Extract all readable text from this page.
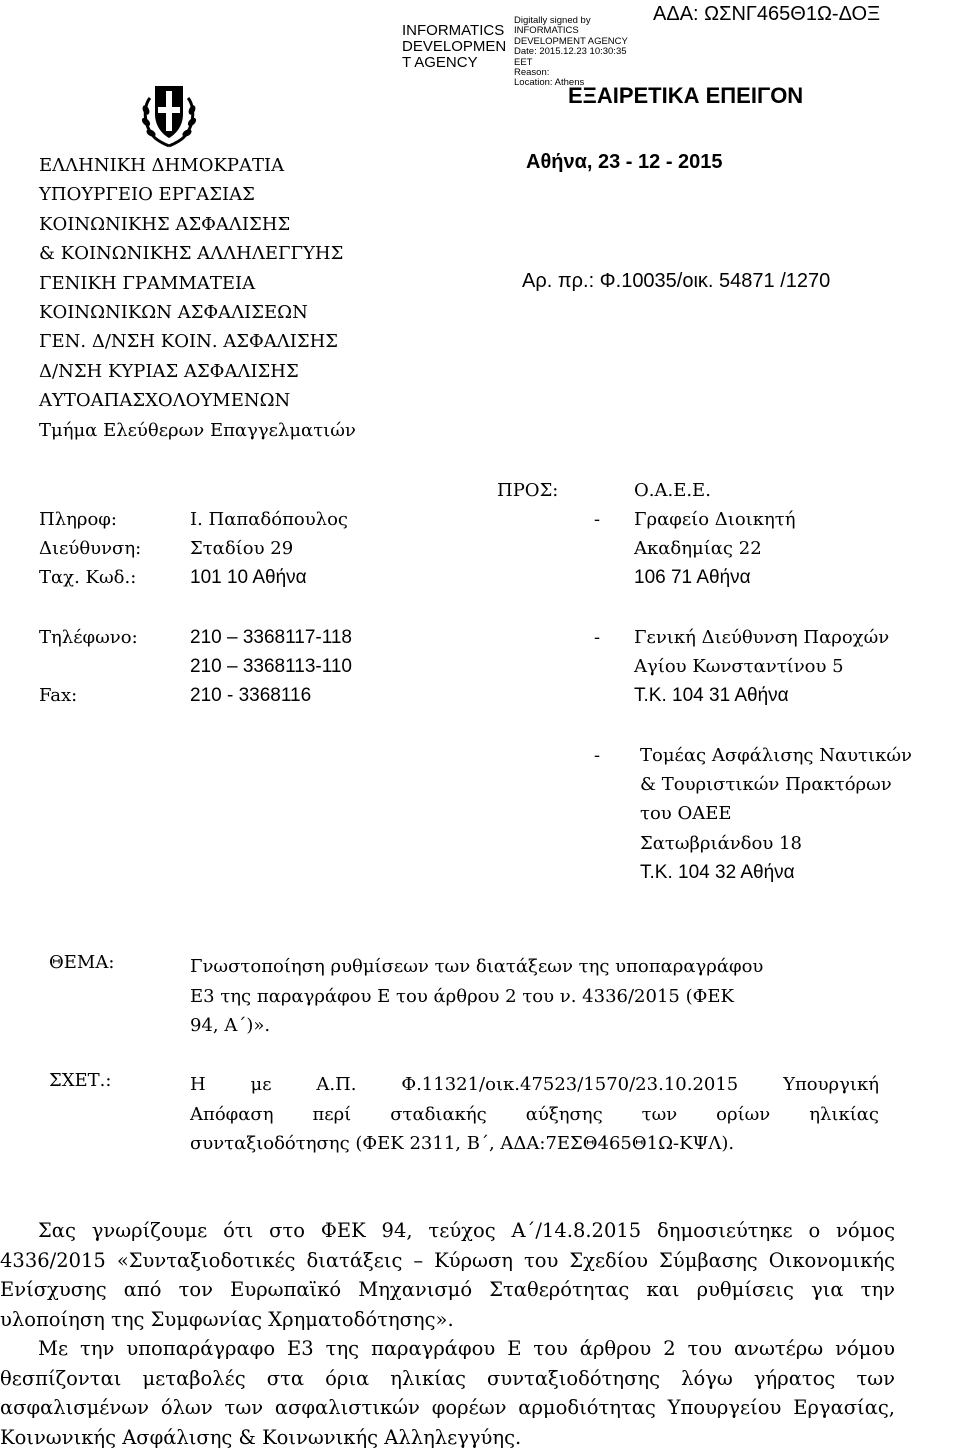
INFORMATICS
DEVELOPMEN
T AGENCY
Digitally signed by
INFORMATICS
DEVELOPMENT AGENCY
Date: 2015.12.23 10:30:35
EET
Reason:
Location: Athens
ΑΔΑ: ΩΣΝΓ465Θ1Ω-ΔΟΞ
ΕΞΑΙΡΕΤΙΚΑ ΕΠΕΙΓΟΝ
ΕΛΛΗΝΙΚΗ ΔΗΜΟΚΡΑΤΙΑ
ΥΠΟΥΡΓΕΙΟ ΕΡΓΑΣΙΑΣ
ΚΟΙΝΩΝΙΚΗΣ ΑΣΦΑΛΙΣΗΣ
& ΚΟΙΝΩΝΙΚΗΣ ΑΛΛΗΛΕΓΓΥΗΣ
ΓΕΝΙΚΗ ΓΡΑΜΜΑΤΕΙΑ
ΚΟΙΝΩΝΙΚΩΝ ΑΣΦΑΛΙΣΕΩΝ
ΓΕΝ. Δ/ΝΣΗ ΚΟΙΝ. ΑΣΦΑΛΙΣΗΣ
Δ/ΝΣΗ ΚΥΡΙΑΣ ΑΣΦΑΛΙΣΗΣ
ΑΥΤΟΑΠΑΣΧΟΛΟΥΜΕΝΩΝ
Τμήμα Ελεύθερων Επαγγελματιών
Αθήνα, 23 - 12 - 2015
Αρ. πρ.: Φ.10035/οικ. 54871 /1270
Πληροφ:	Ι. Παπαδόπουλος
Διεύθυνση:	Σταδίου 29
Ταχ. Κωδ.:	101 10 Αθήνα
Τηλέφωνο:	210 – 3368117-118
210 – 3368113-110
Fax:	210 - 3368116
ΠΡΟΣ:	Ο.Α.Ε.Ε.
- Γραφείο Διοικητή
Ακαδημίας 22
106 71 Αθήνα
- Γενική Διεύθυνση Παροχών
Αγίου Κωνσταντίνου 5
Τ.Κ. 104 31 Αθήνα
- Τομέας Ασφάλισης Ναυτικών
& Τουριστικών Πρακτόρων
του ΟΑΕΕ
Σατωβριάνδου 18
Τ.Κ. 104 32 Αθήνα
ΘΕΜΑ:	Γνωστοποίηση ρυθμίσεων των διατάξεων της υποπαραγράφου
Ε3 της παραγράφου Ε του άρθρου 2 του ν. 4336/2015 (ΦΕΚ
94, Α΄)».
ΣΧΕΤ.:	Η με Α.Π. Φ.11321/οικ.47523/1570/23.10.2015 Υπουργική
Απόφαση περί σταδιακής αύξησης των ορίων ηλικίας
συνταξιοδότησης (ΦΕΚ 2311, Β΄, ΑΔΑ:7ΕΣΘ465Θ1Ω-ΚΨΛ).
Σας γνωρίζουμε ότι στο ΦΕΚ 94, τεύχος Α΄/14.8.2015 δημοσιεύτηκε ο νόμος
4336/2015 «Συνταξιοδοτικές διατάξεις – Κύρωση του Σχεδίου Σύμβασης Οικονομικής
Ενίσχυσης από τον Ευρωπαϊκό Μηχανισμό Σταθερότητας και ρυθμίσεις για την
υλοποίηση της Συμφωνίας Χρηματοδότησης».
Με την υποπαράγραφο Ε3 της παραγράφου Ε του άρθρου 2 του ανωτέρω νόμου
θεσπίζονται μεταβολές στα όρια ηλικίας συνταξιοδότησης λόγω γήρατος των
ασφαλισμένων όλων των ασφαλιστικών φορέων αρμοδιότητας Υπουργείου Εργασίας,
Κοινωνικής Ασφάλισης & Κοινωνικής Αλληλεγγύης.
